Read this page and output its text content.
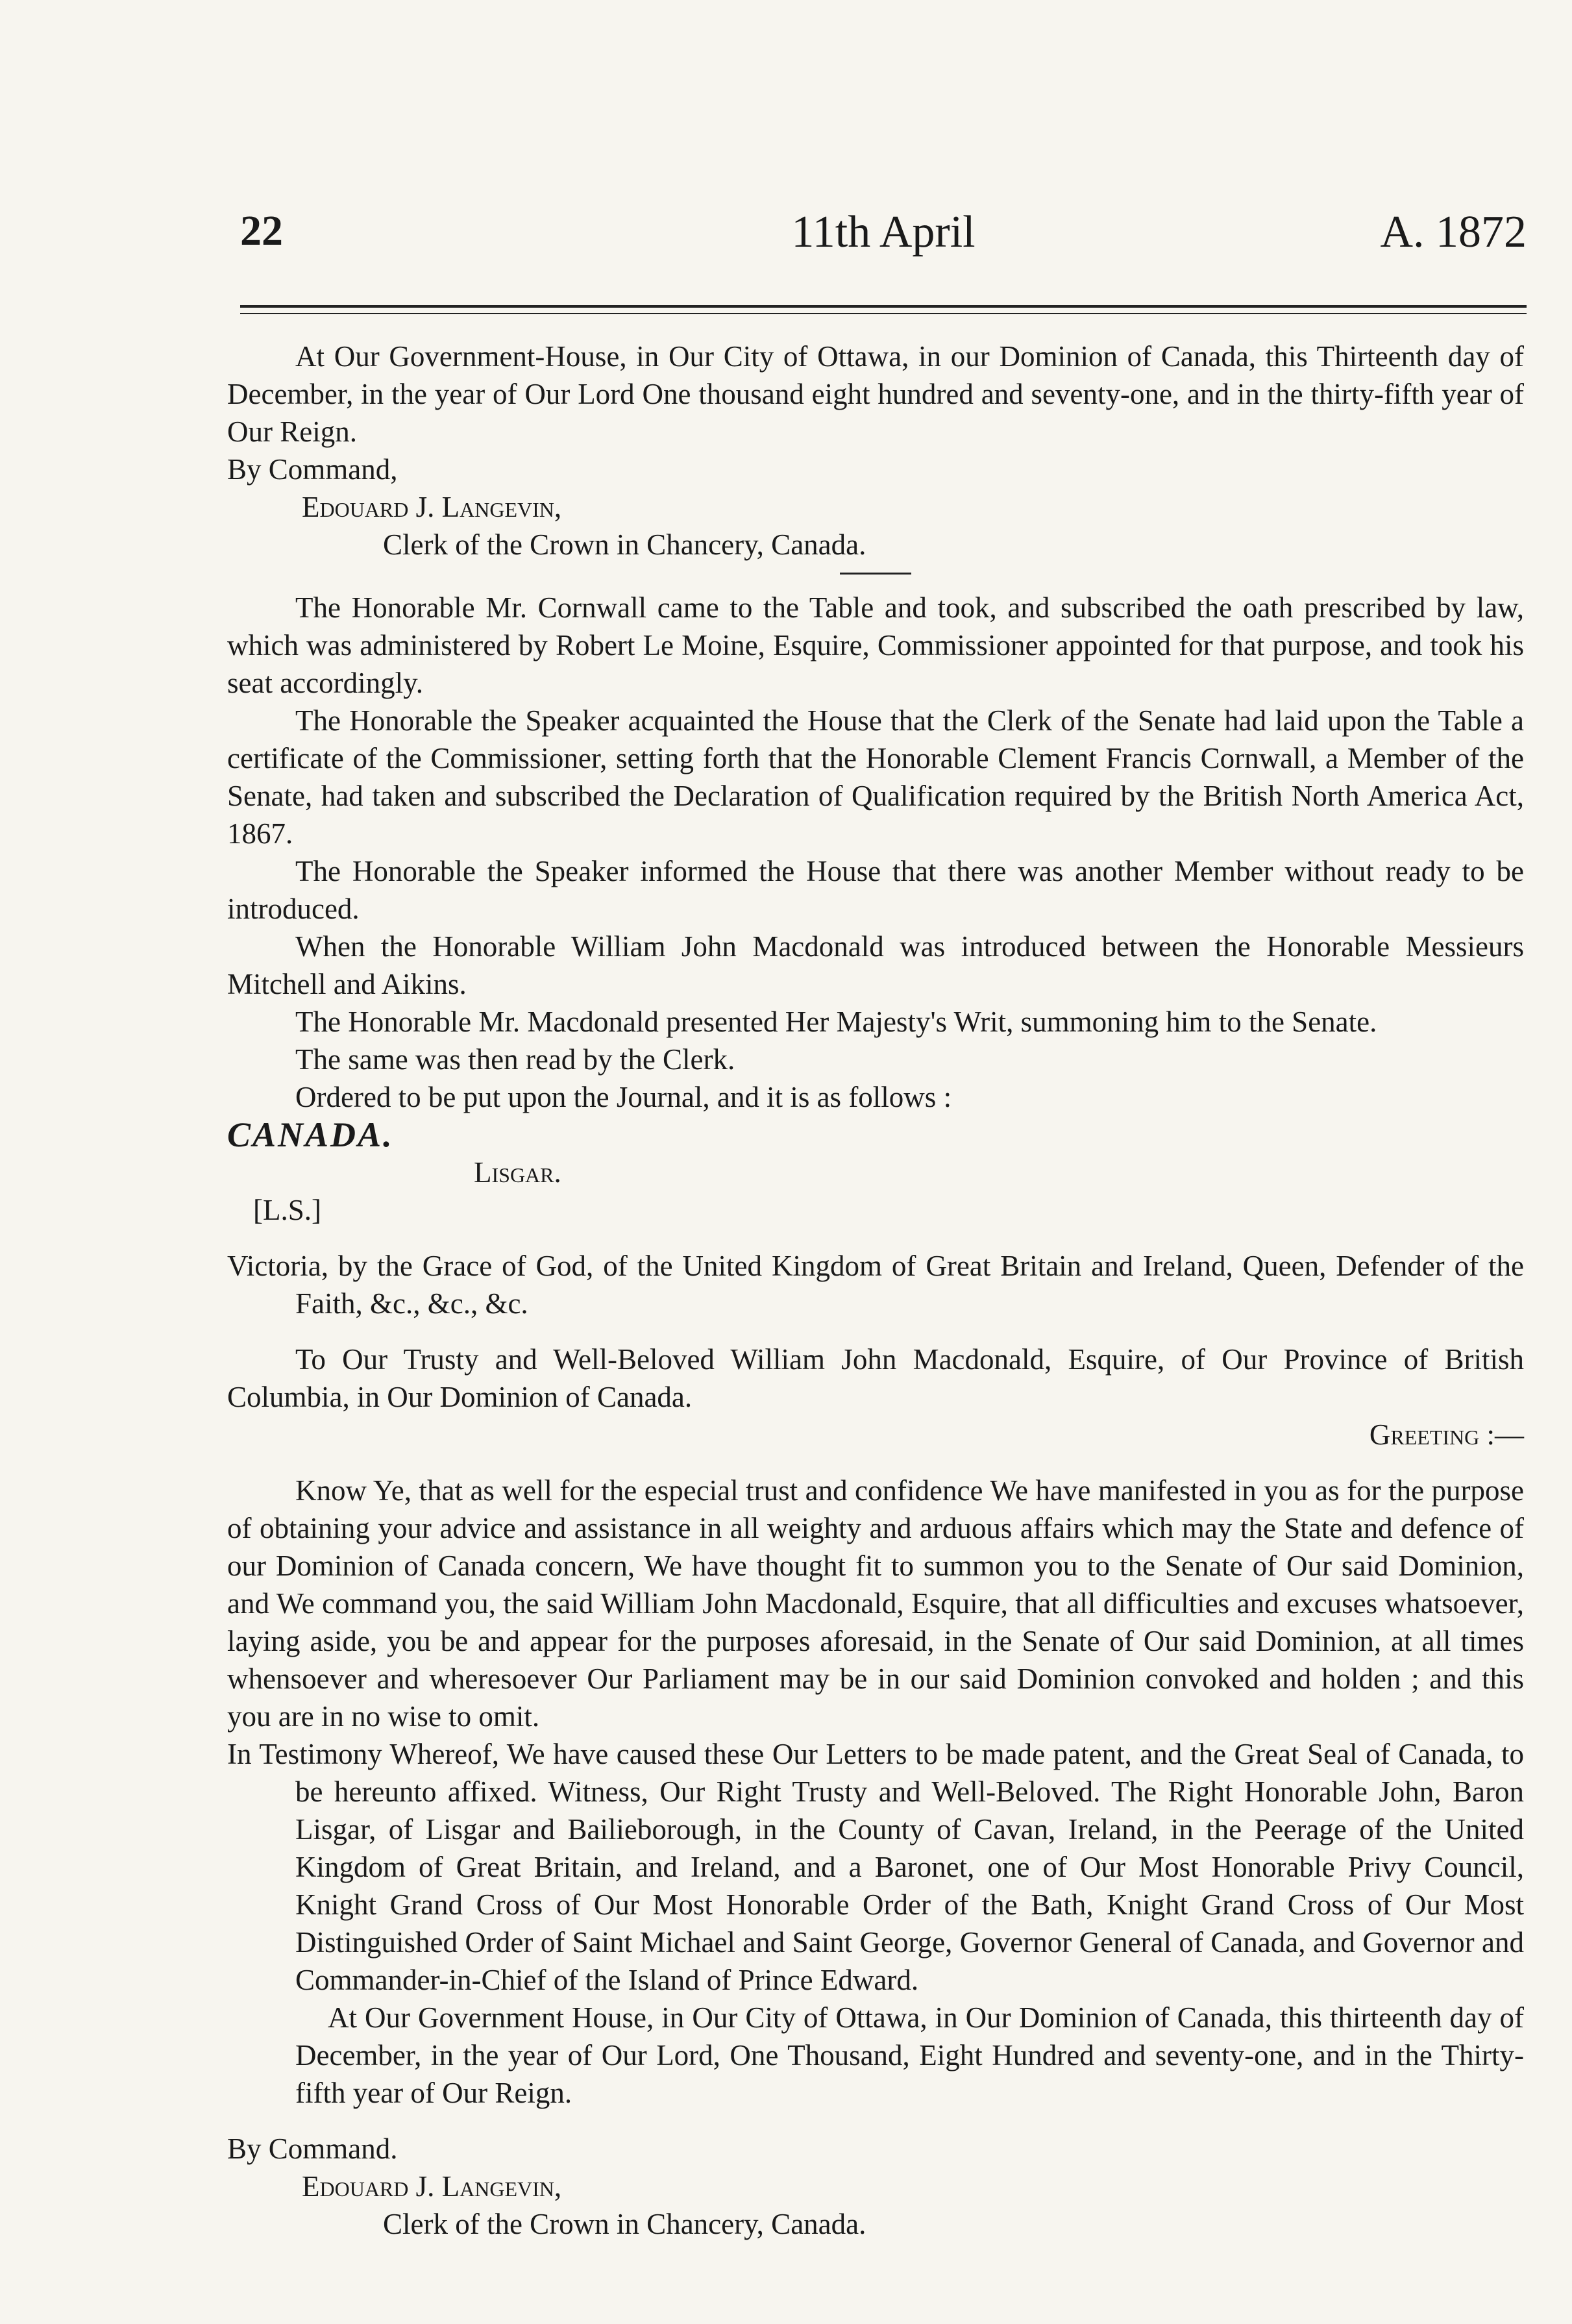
22	11th April	A. 1872

At Our Government-House, in Our City of Ottawa, in our Dominion of Canada, this Thirteenth day of December, in the year of Our Lord One thousand eight hundred and seventy-one, and in the thirty-fifth year of Our Reign.

By Command,

Edouard J. Langevin,

Clerk of the Crown in Chancery, Canada.

The Honorable Mr. Cornwall came to the Table and took, and subscribed the oath prescribed by law, which was administered by Robert Le Moine, Esquire, Commissioner appointed for that purpose, and took his seat accordingly.

The Honorable the Speaker acquainted the House that the Clerk of the Senate had laid upon the Table a certificate of the Commissioner, setting forth that the Honorable Clement Francis Cornwall, a Member of the Senate, had taken and subscribed the Declaration of Qualification required by the British North America Act, 1867.

The Honorable the Speaker informed the House that there was another Member without ready to be introduced.

When the Honorable William John Macdonald was introduced between the Honorable Messieurs Mitchell and Aikins.

The Honorable Mr. Macdonald presented Her Majesty's Writ, summoning him to the Senate.

The same was then read by the Clerk.

Ordered to be put upon the Journal, and it is as follows :

CANADA.

Lisgar.

[L.S.]

Victoria, by the Grace of God, of the United Kingdom of Great Britain and Ireland, Queen, Defender of the Faith, &c., &c., &c.

To Our Trusty and Well-Beloved William John Macdonald, Esquire, of Our Province of British Columbia, in Our Dominion of Canada.

Greeting :—

Know Ye, that as well for the especial trust and confidence We have manifested in you as for the purpose of obtaining your advice and assistance in all weighty and arduous affairs which may the State and defence of our Dominion of Canada concern, We have thought fit to summon you to the Senate of Our said Dominion, and We command you, the said William John Macdonald, Esquire, that all difficulties and excuses whatsoever, laying aside, you be and appear for the purposes aforesaid, in the Senate of Our said Dominion, at all times whensoever and wheresoever Our Parliament may be in our said Dominion convoked and holden ; and this you are in no wise to omit.

In Testimony Whereof, We have caused these Our Letters to be made patent, and the Great Seal of Canada, to be hereunto affixed. Witness, Our Right Trusty and Well-Beloved. The Right Honorable John, Baron Lisgar, of Lisgar and Bailieborough, in the County of Cavan, Ireland, in the Peerage of the United Kingdom of Great Britain, and Ireland, and a Baronet, one of Our Most Honorable Privy Council, Knight Grand Cross of Our Most Honorable Order of the Bath, Knight Grand Cross of Our Most Distinguished Order of Saint Michael and Saint George, Governor General of Canada, and Governor and Commander-in-Chief of the Island of Prince Edward.

At Our Government House, in Our City of Ottawa, in Our Dominion of Canada, this thirteenth day of December, in the year of Our Lord, One Thousand, Eight Hundred and seventy-one, and in the Thirty-fifth year of Our Reign.

By Command.

Edouard J. Langevin,

Clerk of the Crown in Chancery, Canada.
